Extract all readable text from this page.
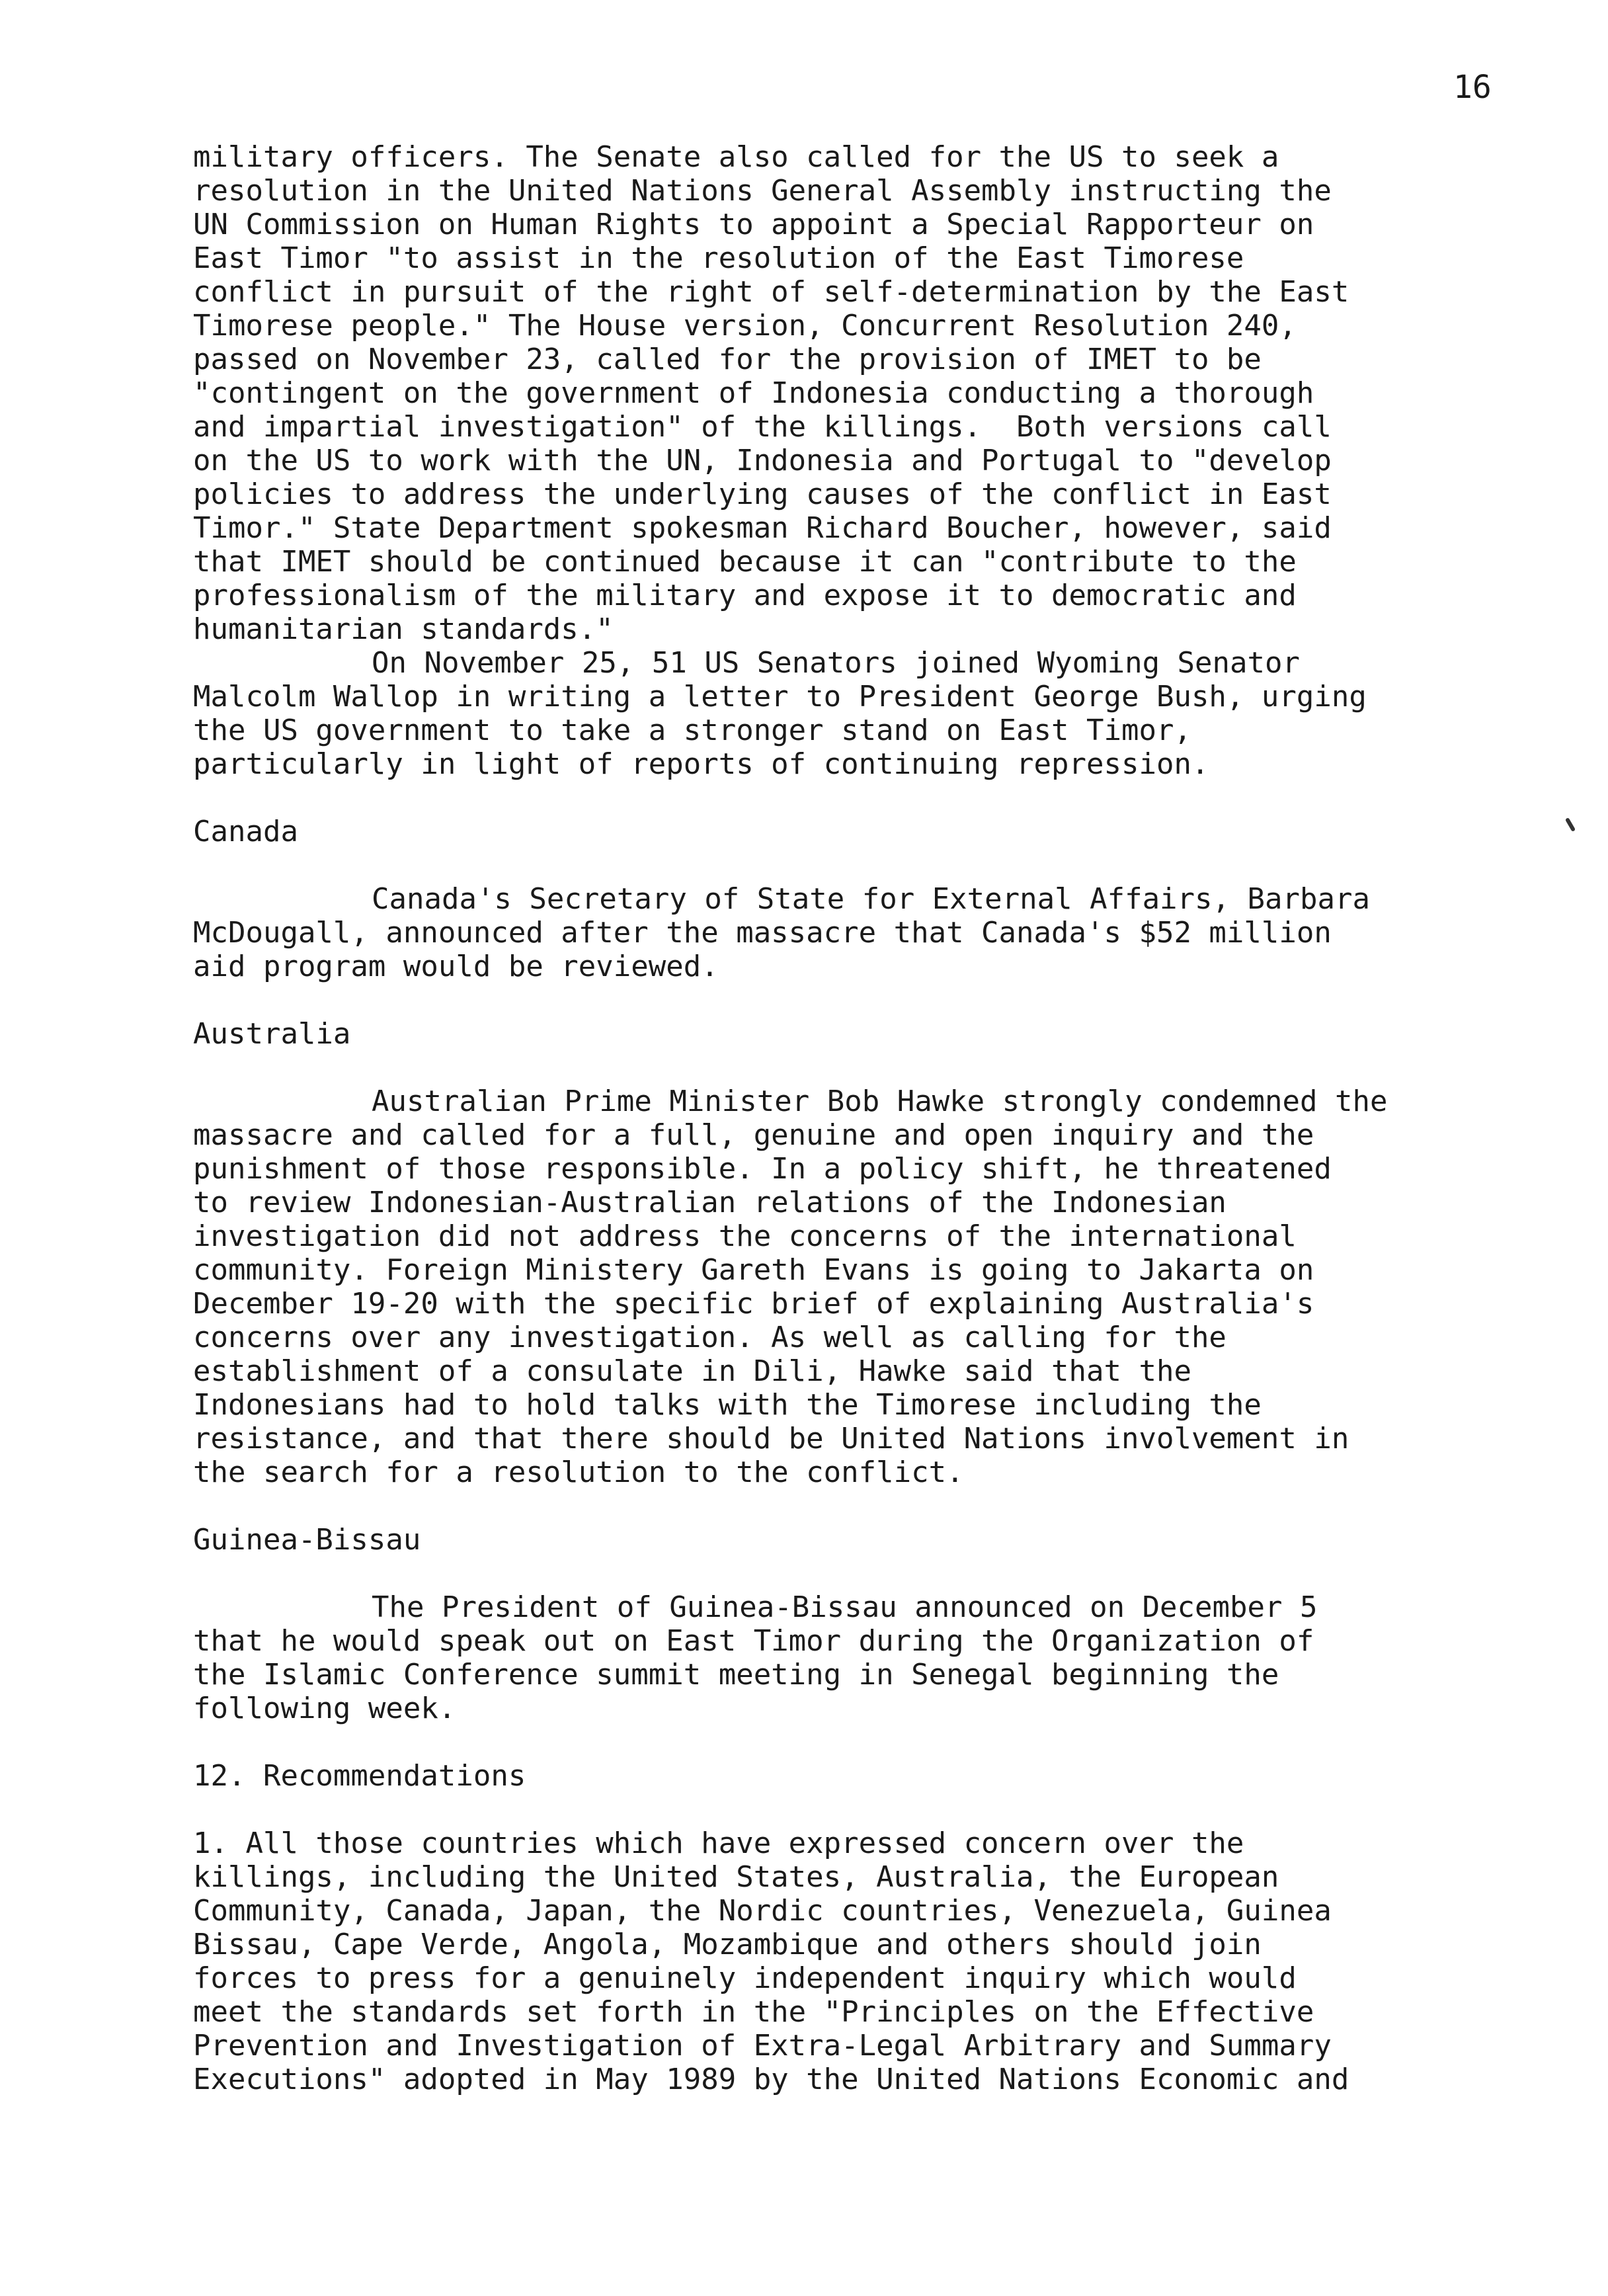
16
military officers. The Senate also called for the US to seek a
resolution in the United Nations General Assembly instructing the
UN Commission on Human Rights to appoint a Special Rapporteur on
East Timor "to assist in the resolution of the East Timorese
conflict in pursuit of the right of self-determination by the East
Timorese people." The House version, Concurrent Resolution 240,
passed on November 23, called for the provision of IMET to be
"contingent on the government of Indonesia conducting a thorough
and impartial investigation" of the killings.  Both versions call
on the US to work with the UN, Indonesia and Portugal to "develop
policies to address the underlying causes of the conflict in East
Timor." State Department spokesman Richard Boucher, however, said
that IMET should be continued because it can "contribute to the
professionalism of the military and expose it to democratic and
humanitarian standards."
On November 25, 51 US Senators joined Wyoming Senator
Malcolm Wallop in writing a letter to President George Bush, urging
the US government to take a stronger stand on East Timor,
particularly in light of reports of continuing repression.
Canada
Canada's Secretary of State for External Affairs, Barbara
McDougall, announced after the massacre that Canada's $52 million
aid program would be reviewed.
Australia
Australian Prime Minister Bob Hawke strongly condemned the
massacre and called for a full, genuine and open inquiry and the
punishment of those responsible. In a policy shift, he threatened
to review Indonesian-Australian relations of the Indonesian
investigation did not address the concerns of the international
community. Foreign Ministery Gareth Evans is going to Jakarta on
December 19-20 with the specific brief of explaining Australia's
concerns over any investigation. As well as calling for the
establishment of a consulate in Dili, Hawke said that the
Indonesians had to hold talks with the Timorese including the
resistance, and that there should be United Nations involvement in
the search for a resolution to the conflict.
Guinea-Bissau
The President of Guinea-Bissau announced on December 5
that he would speak out on East Timor during the Organization of
the Islamic Conference summit meeting in Senegal beginning the
following week.
12. Recommendations
1. All those countries which have expressed concern over the
killings, including the United States, Australia, the European
Community, Canada, Japan, the Nordic countries, Venezuela, Guinea
Bissau, Cape Verde, Angola, Mozambique and others should join
forces to press for a genuinely independent inquiry which would
meet the standards set forth in the "Principles on the Effective
Prevention and Investigation of Extra-Legal Arbitrary and Summary
Executions" adopted in May 1989 by the United Nations Economic and
